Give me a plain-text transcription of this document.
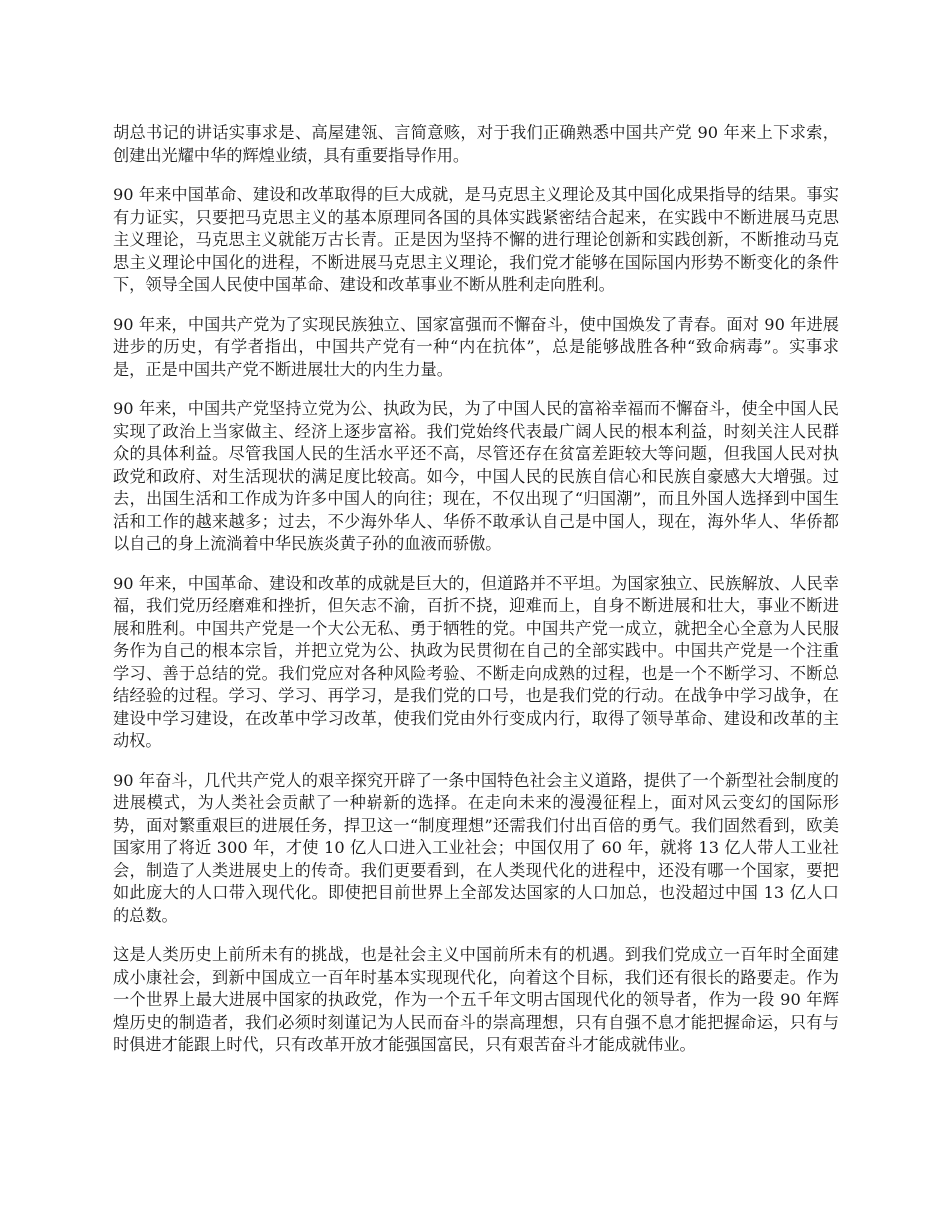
胡总书记的讲话实事求是、高屋建瓴、言简意赅，对于我们正确熟悉中国共产党 90 年来上下求索，创建出光耀中华的辉煌业绩，具有重要指导作用。

90 年来中国革命、建设和改革取得的巨大成就，是马克思主义理论及其中国化成果指导的结果。事实有力证实，只要把马克思主义的基本原理同各国的具体实践紧密结合起来，在实践中不断进展马克思主义理论，马克思主义就能万古长青。正是因为坚持不懈的进行理论创新和实践创新，不断推动马克思主义理论中国化的进程，不断进展马克思主义理论，我们党才能够在国际国内形势不断变化的条件下，领导全国人民使中国革命、建设和改革事业不断从胜利走向胜利。

90 年来，中国共产党为了实现民族独立、国家富强而不懈奋斗，使中国焕发了青春。面对 90 年进展进步的历史，有学者指出，中国共产党有一种“内在抗体”，总是能够战胜各种“致命病毒”。实事求是，正是中国共产党不断进展壮大的内生力量。

90 年来，中国共产党坚持立党为公、执政为民，为了中国人民的富裕幸福而不懈奋斗，使全中国人民实现了政治上当家做主、经济上逐步富裕。我们党始终代表最广阔人民的根本利益，时刻关注人民群众的具体利益。尽管我国人民的生活水平还不高，尽管还存在贫富差距较大等问题，但我国人民对执政党和政府、对生活现状的满足度比较高。如今，中国人民的民族自信心和民族自豪感大大增强。过去，出国生活和工作成为许多中国人的向往；现在，不仅出现了“归国潮”，而且外国人选择到中国生活和工作的越来越多；过去，不少海外华人、华侨不敢承认自己是中国人，现在，海外华人、华侨都以自己的身上流淌着中华民族炎黄子孙的血液而骄傲。

90 年来，中国革命、建设和改革的成就是巨大的，但道路并不平坦。为国家独立、民族解放、人民幸福，我们党历经磨难和挫折，但矢志不渝，百折不挠，迎难而上，自身不断进展和壮大，事业不断进展和胜利。中国共产党是一个大公无私、勇于牺牲的党。中国共产党一成立，就把全心全意为人民服务作为自己的根本宗旨，并把立党为公、执政为民贯彻在自己的全部实践中。中国共产党是一个注重学习、善于总结的党。我们党应对各种风险考验、不断走向成熟的过程，也是一个不断学习、不断总结经验的过程。学习、学习、再学习，是我们党的口号，也是我们党的行动。在战争中学习战争，在建设中学习建设，在改革中学习改革，使我们党由外行变成内行，取得了领导革命、建设和改革的主动权。

90 年奋斗，几代共产党人的艰辛探究开辟了一条中国特色社会主义道路，提供了一个新型社会制度的进展模式，为人类社会贡献了一种崭新的选择。在走向未来的漫漫征程上，面对风云变幻的国际形势，面对繁重艰巨的进展任务，捍卫这一“制度理想”还需我们付出百倍的勇气。我们固然看到，欧美国家用了将近 300 年，才使 10 亿人口进入工业社会；中国仅用了 60 年，就将 13 亿人带人工业社会，制造了人类进展史上的传奇。我们更要看到，在人类现代化的进程中，还没有哪一个国家，要把如此庞大的人口带入现代化。即使把目前世界上全部发达国家的人口加总，也没超过中国 13 亿人口的总数。

这是人类历史上前所未有的挑战，也是社会主义中国前所未有的机遇。到我们党成立一百年时全面建成小康社会，到新中国成立一百年时基本实现现代化，向着这个目标，我们还有很长的路要走。作为一个世界上最大进展中国家的执政党，作为一个五千年文明古国现代化的领导者，作为一段 90 年辉煌历史的制造者，我们必须时刻谨记为人民而奋斗的崇高理想，只有自强不息才能把握命运，只有与时俱进才能跟上时代，只有改革开放才能强国富民，只有艰苦奋斗才能成就伟业。
